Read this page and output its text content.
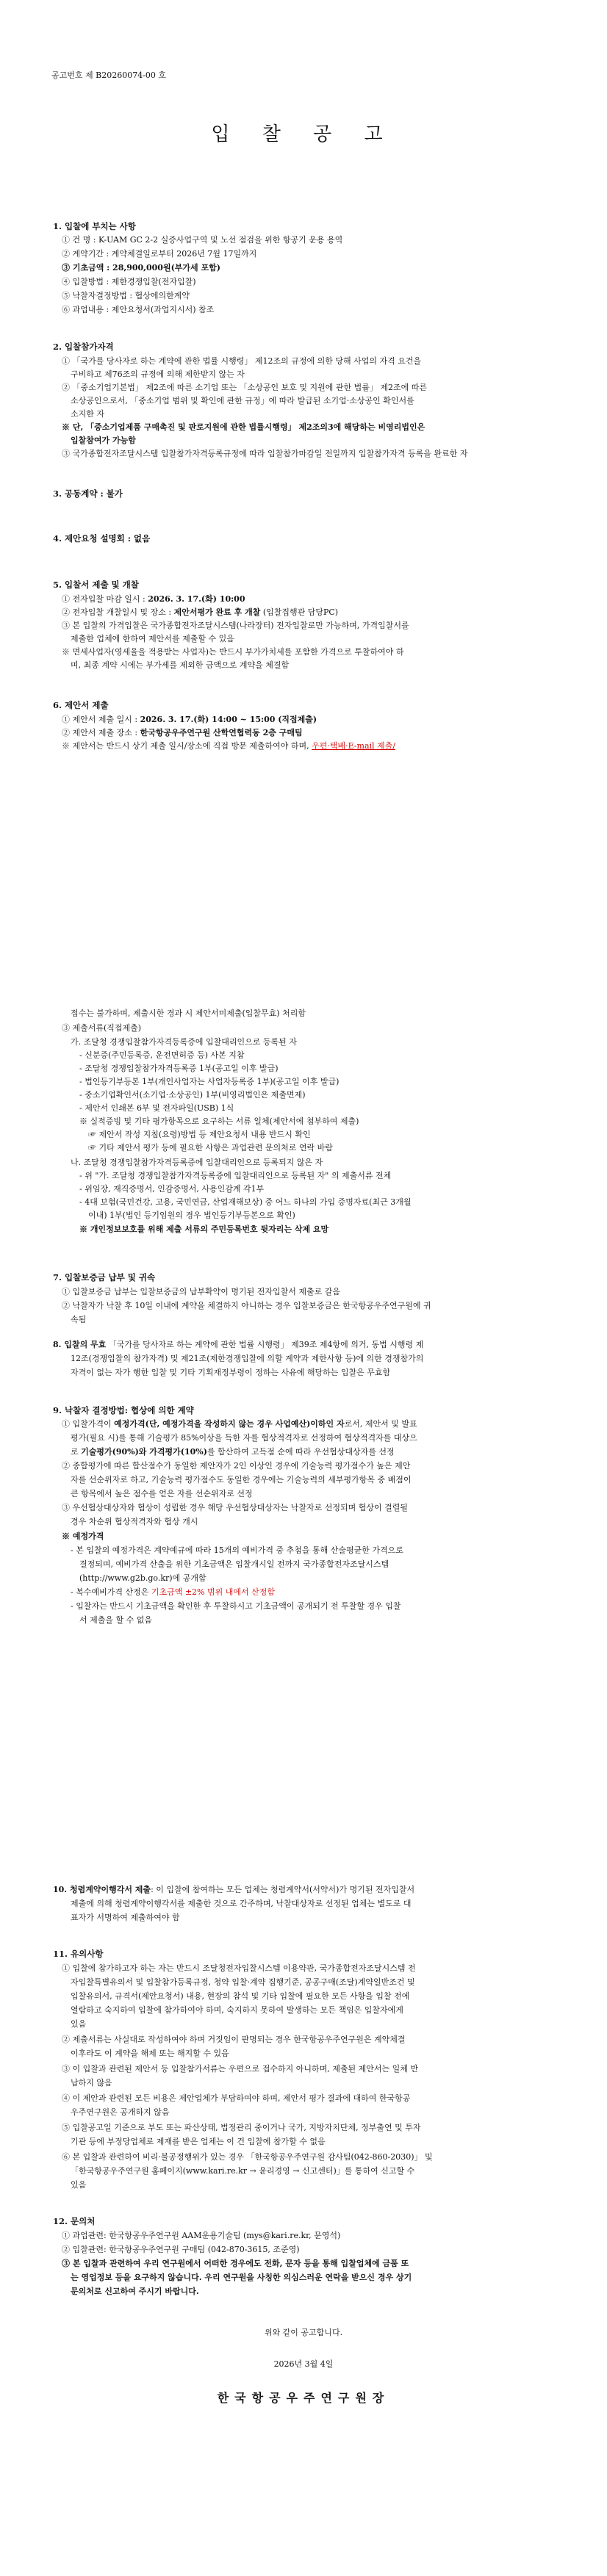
공고번호 제 B20260074-00 호
입 찰 공 고
1. 입찰에 부치는 사항
① 건 명 : K-UAM GC 2-2 실증사업구역 및 노선 점검을 위한 항공기 운용 용역
② 계약기간 : 계약체결일로부터 2026년 7월 17일까지
③ 기초금액 : 28,900,000원(부가세 포함)
④ 입찰방법 : 제한경쟁입찰(전자입찰)
⑤ 낙찰자결정방법 : 협상에의한계약
⑥ 과업내용 : 제안요청서(과업지시서) 참조
2. 입찰참가자격
① 「국가를 당사자로 하는 계약에 관한 법률 시행령」 제12조의 규정에 의한 당해 사업의 자격 요건을
구비하고 제76조의 규정에 의해 제한받지 않는 자
② 「중소기업기본법」 제2조에 따른 소기업 또는 「소상공인 보호 및 지원에 관한 법률」 제2조에 따른
소상공인으로서, 「중소기업 범위 및 확인에 관한 규정」에 따라 발급된 소기업·소상공인 확인서를
소지한 자
※ 단, 「중소기업제품 구매촉진 및 판로지원에 관한 법률시행령」 제2조의3에 해당하는 비영리법인은
입찰참여가 가능함
③ 국가종합전자조달시스템 입찰참가자격등록규정에 따라 입찰참가마감일 전일까지 입찰참가자격 등록을 완료한 자
3. 공동계약 : 불가
4. 제안요청 설명회 : 없음
5. 입찰서 제출 및 개찰
① 전자입찰 마감 일시 : 2026. 3. 17.(화) 10:00
② 전자입찰 개찰일시 및 장소 : 제안서평가 완료 후 개찰 (입찰집행관 담당PC)
③ 본 입찰의 가격입찰은 국가종합전자조달시스템(나라장터) 전자입찰로만 가능하며, 가격입찰서를
제출한 업체에 한하여 제안서를 제출할 수 있음
※ 면세사업자(영세율을 적용받는 사업자)는 반드시 부가가치세를 포함한 가격으로 투찰하여야 하
며, 최종 계약 시에는 부가세를 제외한 금액으로 계약을 체결함
6. 제안서 제출
① 제안서 제출 일시 : 2026. 3. 17.(화) 14:00 ~ 15:00 (직접제출)
② 제안서 제출 장소 : 한국항공우주연구원 산학연협력동 2층 구매팀
※ 제안서는 반드시 상기 제출 일시/장소에 직접 방문 제출하여야 하며, 우편·택배·E-mail 제출/
접수는 불가하며, 제출시한 경과 시 제안서미제출(입찰무효) 처리함
③ 제출서류(직접제출)
가. 조달청 경쟁입찰참가자격등록증에 입찰대리인으로 등록된 자
- 신분증(주민등록증, 운전면허증 등) 사본 지참
- 조달청 경쟁입찰참가자격등록증 1부(공고일 이후 발급)
- 법인등기부등본 1부(개인사업자는 사업자등록증 1부)(공고일 이후 발급)
- 중소기업확인서(소기업·소상공인) 1부(비영리법인은 제출면제)
- 제안서 인쇄본 6부 및 전자파일(USB) 1식
※ 실적증빙 및 기타 평가항목으로 요구하는 서류 일체(제안서에 첨부하여 제출)
☞ 제안서 작성 지침(요령)방법 등 제안요청서 내용 반드시 확인
☞ 기타 제안서 평가 등에 필요한 사항은 과업관련 문의처로 연락 바람
나. 조달청 경쟁입찰참가자격등록증에 입찰대리인으로 등록되지 않은 자
- 위 "가. 조달청 경쟁입찰참가자격등록증에 입찰대리인으로 등록된 자" 의 제출서류 전체
- 위임장, 재직증명서, 인감증명서, 사용인감계 각1부
- 4대 보험(국민건강, 고용, 국민연금, 산업재해보상) 중 어느 하나의 가입 증명자료(최근 3개월
이내) 1부(법인 등기임원의 경우 법인등기부등본으로 확인)
※ 개인정보보호를 위해 제출 서류의 주민등록번호 뒷자리는 삭제 요망
7. 입찰보증금 납부 및 귀속
① 입찰보증금 납부는 입찰보증금의 납부확약이 명기된 전자입찰서 제출로 갈음
② 낙찰자가 낙찰 후 10일 이내에 계약을 체결하지 아니하는 경우 입찰보증금은 한국항공우주연구원에 귀
속됨
8. 입찰의 무효 「국가를 당사자로 하는 계약에 관한 법률 시행령」 제39조 제4항에 의거, 동법 시행령 제
12조(경쟁입찰의 참가자격) 및 제21조(제한경쟁입찰에 의할 계약과 제한사항 등)에 의한 경쟁참가의
자격이 없는 자가 행한 입찰 및 기타 기획재정부령이 정하는 사유에 해당하는 입찰은 무효함
9. 낙찰자 결정방법: 협상에 의한 계약
① 입찰가격이 예정가격(단, 예정가격을 작성하지 않는 경우 사업예산)이하인 자로서, 제안서 및 발표
평가(필요 시)를 통해 기술평가 85%이상을 득한 자를 협상적격자로 선정하여 협상적격자를 대상으
로 기술평가(90%)와 가격평가(10%)를 합산하여 고득점 순에 따라 우선협상대상자를 선정
② 종합평가에 따른 합산점수가 동일한 제안자가 2인 이상인 경우에 기술능력 평가점수가 높은 제안
자를 선순위자로 하고, 기술능력 평가점수도 동일한 경우에는 기술능력의 세부평가항목 중 배점이
큰 항목에서 높은 점수를 얻은 자를 선순위자로 선정
③ 우선협상대상자와 협상이 성립한 경우 해당 우선협상대상자는 낙찰자로 선정되며 협상이 결렬될
경우 차순위 협상적격자와 협상 개시
※ 예정가격
- 본 입찰의 예정가격은 계약예규에 따라 15개의 예비가격 중 추첨을 통해 산술평균한 가격으로
결정되며, 예비가격 산출을 위한 기초금액은 입찰개시일 전까지 국가종합전자조달시스템
(http://www.g2b.go.kr)에 공개함
- 복수예비가격 산정은 기초금액 ±2% 범위 내에서 산정함
- 입찰자는 반드시 기초금액을 확인한 후 투찰하시고 기초금액이 공개되기 전 투찰할 경우 입찰
서 제출을 할 수 없음
10. 청렴계약이행각서 제출: 이 입찰에 참여하는 모든 업체는 청렴계약서(서약서)가 명기된 전자입찰서
제출에 의해 청렴계약이행각서를 제출한 것으로 간주하며, 낙찰대상자로 선정된 업체는 별도로 대
표자가 서명하여 제출하여야 함
11. 유의사항
① 입찰에 참가하고자 하는 자는 반드시 조달청전자입찰시스템 이용약관, 국가종합전자조달시스템 전
자입찰특별유의서 및 입찰참가등록규정, 청약 입찰·계약 집행기준, 공공구매(조달)계약일반조건 및
입찰유의서, 규격서(제안요청서) 내용, 현장의 참석 및 기타 입찰에 필요한 모든 사항을 입찰 전에
열람하고 숙지하여 입찰에 참가하여야 하며, 숙지하지 못하여 발생하는 모든 책임은 입찰자에게
있음
② 제출서류는 사실대로 작성하여야 하며 거짓임이 판명되는 경우 한국항공우주연구원은 계약체결
이후라도 이 계약을 해제 또는 해지할 수 있음
③ 이 입찰과 관련된 제안서 등 입찰참가서류는 우편으로 접수하지 아니하며, 제출된 제안서는 일체 반
납하지 않음
④ 이 제안과 관련된 모든 비용은 제안업체가 부담하여야 하며, 제안서 평가 결과에 대하여 한국항공
우주연구원은 공개하지 않음
⑤ 입찰공고일 기준으로 부도 또는 파산상태, 법정관리 중이거나 국가, 지방자치단체, 정부출연 및 투자
기관 등에 부정당업체로 제재를 받은 업체는 이 건 입찰에 참가할 수 없음
⑥ 본 입찰과 관련하여 비리·불공정행위가 있는 경우 「한국항공우주연구원 감사팀(042-860-2030)」 및
「한국항공우주연구원 홈페이지(www.kari.re.kr → 윤리경영 → 신고센터)」를 통하여 신고할 수
있음
12. 문의처
① 과업관련: 한국항공우주연구원 AAM운용기술팀 (mys@kari.re.kr, 문영석)
② 입찰관련: 한국항공우주연구원 구매팀 (042-870-3615, 조준영)
③ 본 입찰과 관련하여 우리 연구원에서 어떠한 경우에도 전화, 문자 등을 통해 입찰업체에 금품 또
는 영업정보 등을 요구하지 않습니다. 우리 연구원을 사칭한 의심스러운 연락을 받으신 경우 상기
문의처로 신고하여 주시기 바랍니다.
위와 같이 공고합니다.
2026년 3월 4일
한국항공우주연구원장
